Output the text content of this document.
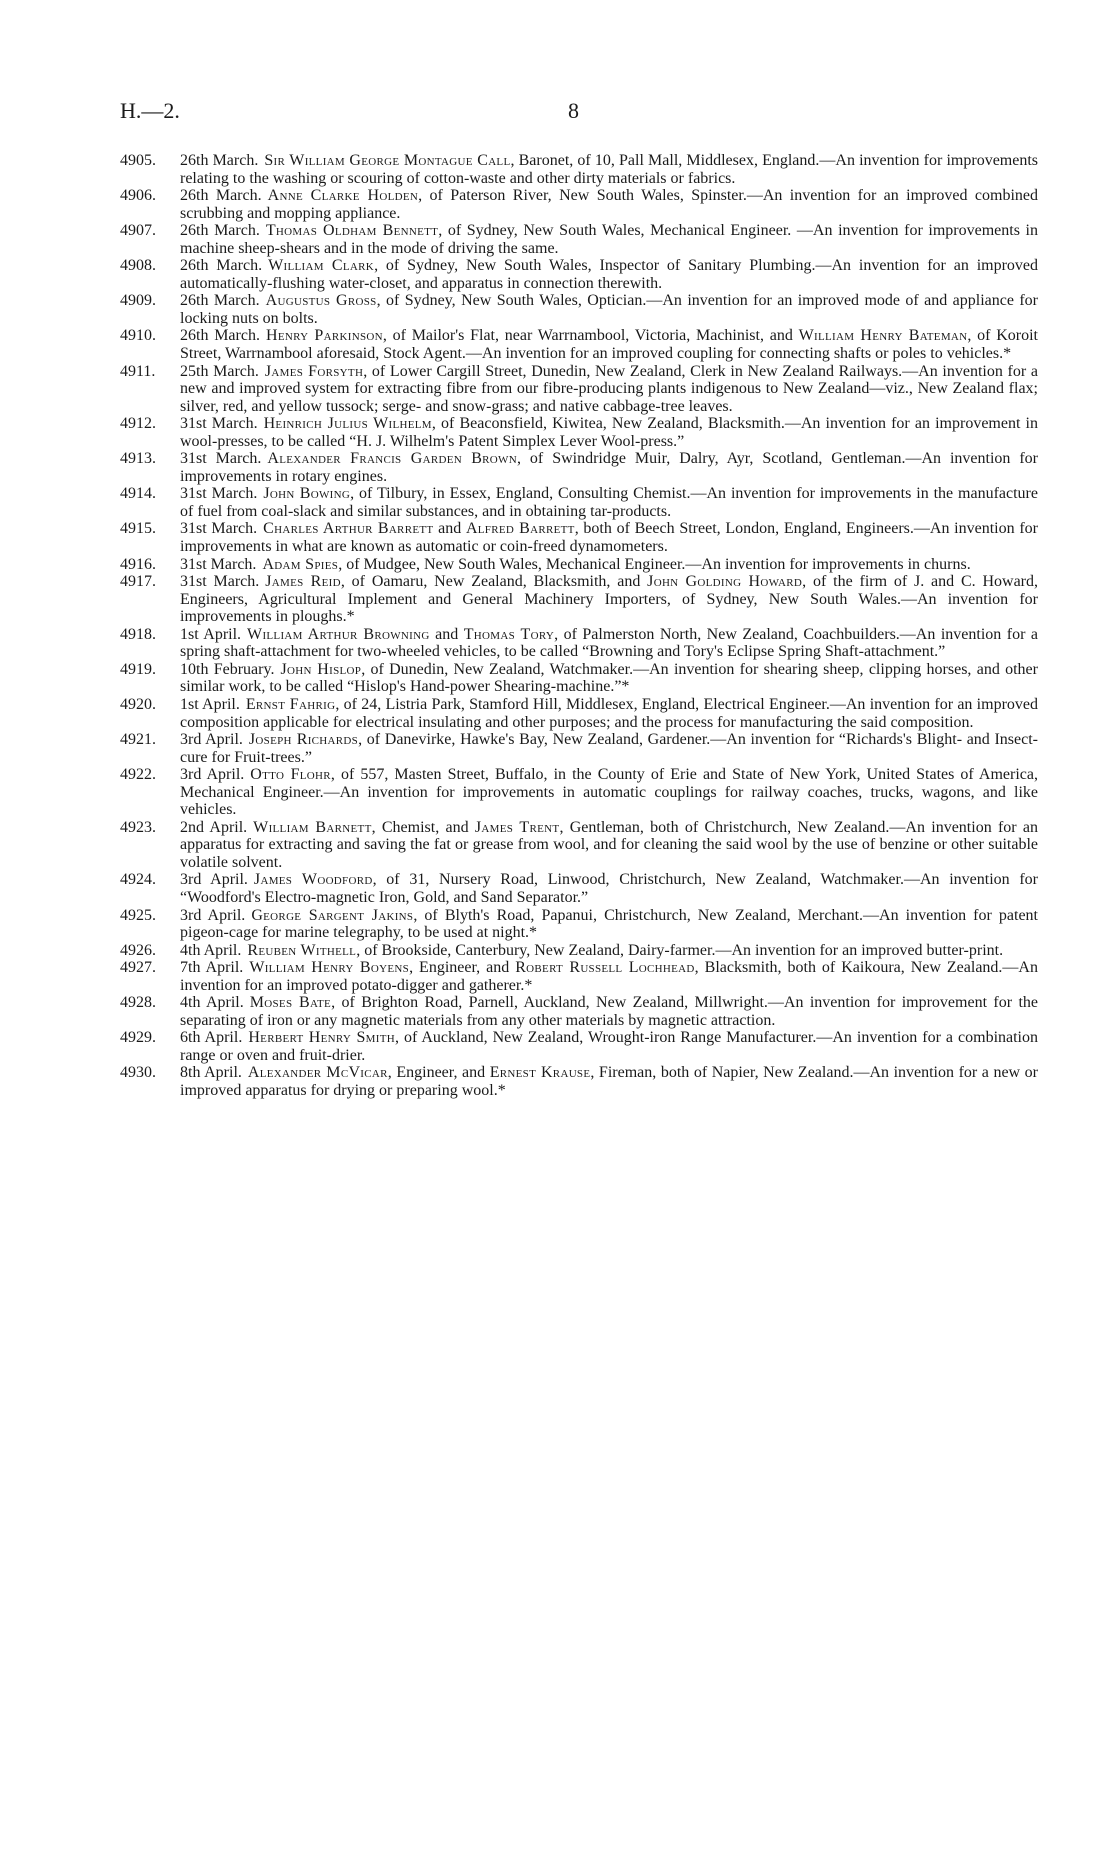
H.—2.	8
4905.	26th March. Sir William George Montague Call, Baronet, of 10, Pall Mall, Middlesex, England.—An invention for improvements relating to the washing or scouring of cotton-waste and other dirty materials or fabrics.
4906.	26th March. Anne Clarke Holden, of Paterson River, New South Wales, Spinster.—An invention for an improved combined scrubbing and mopping appliance.
4907.	26th March. Thomas Oldham Bennett, of Sydney, New South Wales, Mechanical Engineer. —An invention for improvements in machine sheep-shears and in the mode of driving the same.
4908.	26th March. William Clark, of Sydney, New South Wales, Inspector of Sanitary Plumbing.—An invention for an improved automatically-flushing water-closet, and apparatus in connection therewith.
4909.	26th March. Augustus Gross, of Sydney, New South Wales, Optician.—An invention for an improved mode of and appliance for locking nuts on bolts.
4910.	26th March. Henry Parkinson, of Mailor's Flat, near Warrnambool, Victoria, Machinist, and William Henry Bateman, of Koroit Street, Warrnambool aforesaid, Stock Agent.—An invention for an improved coupling for connecting shafts or poles to vehicles.*
4911.	25th March. James Forsyth, of Lower Cargill Street, Dunedin, New Zealand, Clerk in New Zealand Railways.—An invention for a new and improved system for extracting fibre from our fibre-producing plants indigenous to New Zealand—viz., New Zealand flax; silver, red, and yellow tussock; serge- and snow-grass; and native cabbage-tree leaves.
4912.	31st March. Heinrich Julius Wilhelm, of Beaconsfield, Kiwitea, New Zealand, Blacksmith.—An invention for an improvement in wool-presses, to be called “H. J. Wilhelm's Patent Simplex Lever Wool-press.”
4913.	31st March. Alexander Francis Garden Brown, of Swindridge Muir, Dalry, Ayr, Scotland, Gentleman.—An invention for improvements in rotary engines.
4914.	31st March. John Bowing, of Tilbury, in Essex, England, Consulting Chemist.—An invention for improvements in the manufacture of fuel from coal-slack and similar substances, and in obtaining tar-products.
4915.	31st March. Charles Arthur Barrett and Alfred Barrett, both of Beech Street, London, England, Engineers.—An invention for improvements in what are known as automatic or coin-freed dynamometers.
4916.	31st March. Adam Spies, of Mudgee, New South Wales, Mechanical Engineer.—An invention for improvements in churns.
4917.	31st March. James Reid, of Oamaru, New Zealand, Blacksmith, and John Golding Howard, of the firm of J. and C. Howard, Engineers, Agricultural Implement and General Machinery Importers, of Sydney, New South Wales.—An invention for improvements in ploughs.*
4918.	1st April. William Arthur Browning and Thomas Tory, of Palmerston North, New Zealand, Coachbuilders.—An invention for a spring shaft-attachment for two-wheeled vehicles, to be called “Browning and Tory's Eclipse Spring Shaft-attachment.”
4919.	10th February. John Hislop, of Dunedin, New Zealand, Watchmaker.—An invention for shearing sheep, clipping horses, and other similar work, to be called “Hislop's Hand-power Shearing-machine.”*
4920.	1st April. Ernst Fahrig, of 24, Listria Park, Stamford Hill, Middlesex, England, Electrical Engineer.—An invention for an improved composition applicable for electrical insulating and other purposes; and the process for manufacturing the said composition.
4921.	3rd April. Joseph Richards, of Danevirke, Hawke's Bay, New Zealand, Gardener.—An invention for “Richards's Blight- and Insect-cure for Fruit-trees.”
4922.	3rd April. Otto Flohr, of 557, Masten Street, Buffalo, in the County of Erie and State of New York, United States of America, Mechanical Engineer.—An invention for improvements in automatic couplings for railway coaches, trucks, wagons, and like vehicles.
4923.	2nd April. William Barnett, Chemist, and James Trent, Gentleman, both of Christchurch, New Zealand.—An invention for an apparatus for extracting and saving the fat or grease from wool, and for cleaning the said wool by the use of benzine or other suitable volatile solvent.
4924.	3rd April. James Woodford, of 31, Nursery Road, Linwood, Christchurch, New Zealand, Watchmaker.—An invention for “Woodford's Electro-magnetic Iron, Gold, and Sand Separator.”
4925.	3rd April. George Sargent Jakins, of Blyth's Road, Papanui, Christchurch, New Zealand, Merchant.—An invention for patent pigeon-cage for marine telegraphy, to be used at night.*
4926.	4th April. Reuben Withell, of Brookside, Canterbury, New Zealand, Dairy-farmer.—An invention for an improved butter-print.
4927.	7th April. William Henry Boyens, Engineer, and Robert Russell Lochhead, Blacksmith, both of Kaikoura, New Zealand.—An invention for an improved potato-digger and gatherer.*
4928.	4th April. Moses Bate, of Brighton Road, Parnell, Auckland, New Zealand, Millwright.—An invention for improvement for the separating of iron or any magnetic materials from any other materials by magnetic attraction.
4929.	6th April. Herbert Henry Smith, of Auckland, New Zealand, Wrought-iron Range Manufacturer.—An invention for a combination range or oven and fruit-drier.
4930.	8th April. Alexander McVicar, Engineer, and Ernest Krause, Fireman, both of Napier, New Zealand.—An invention for a new or improved apparatus for drying or preparing wool.*
